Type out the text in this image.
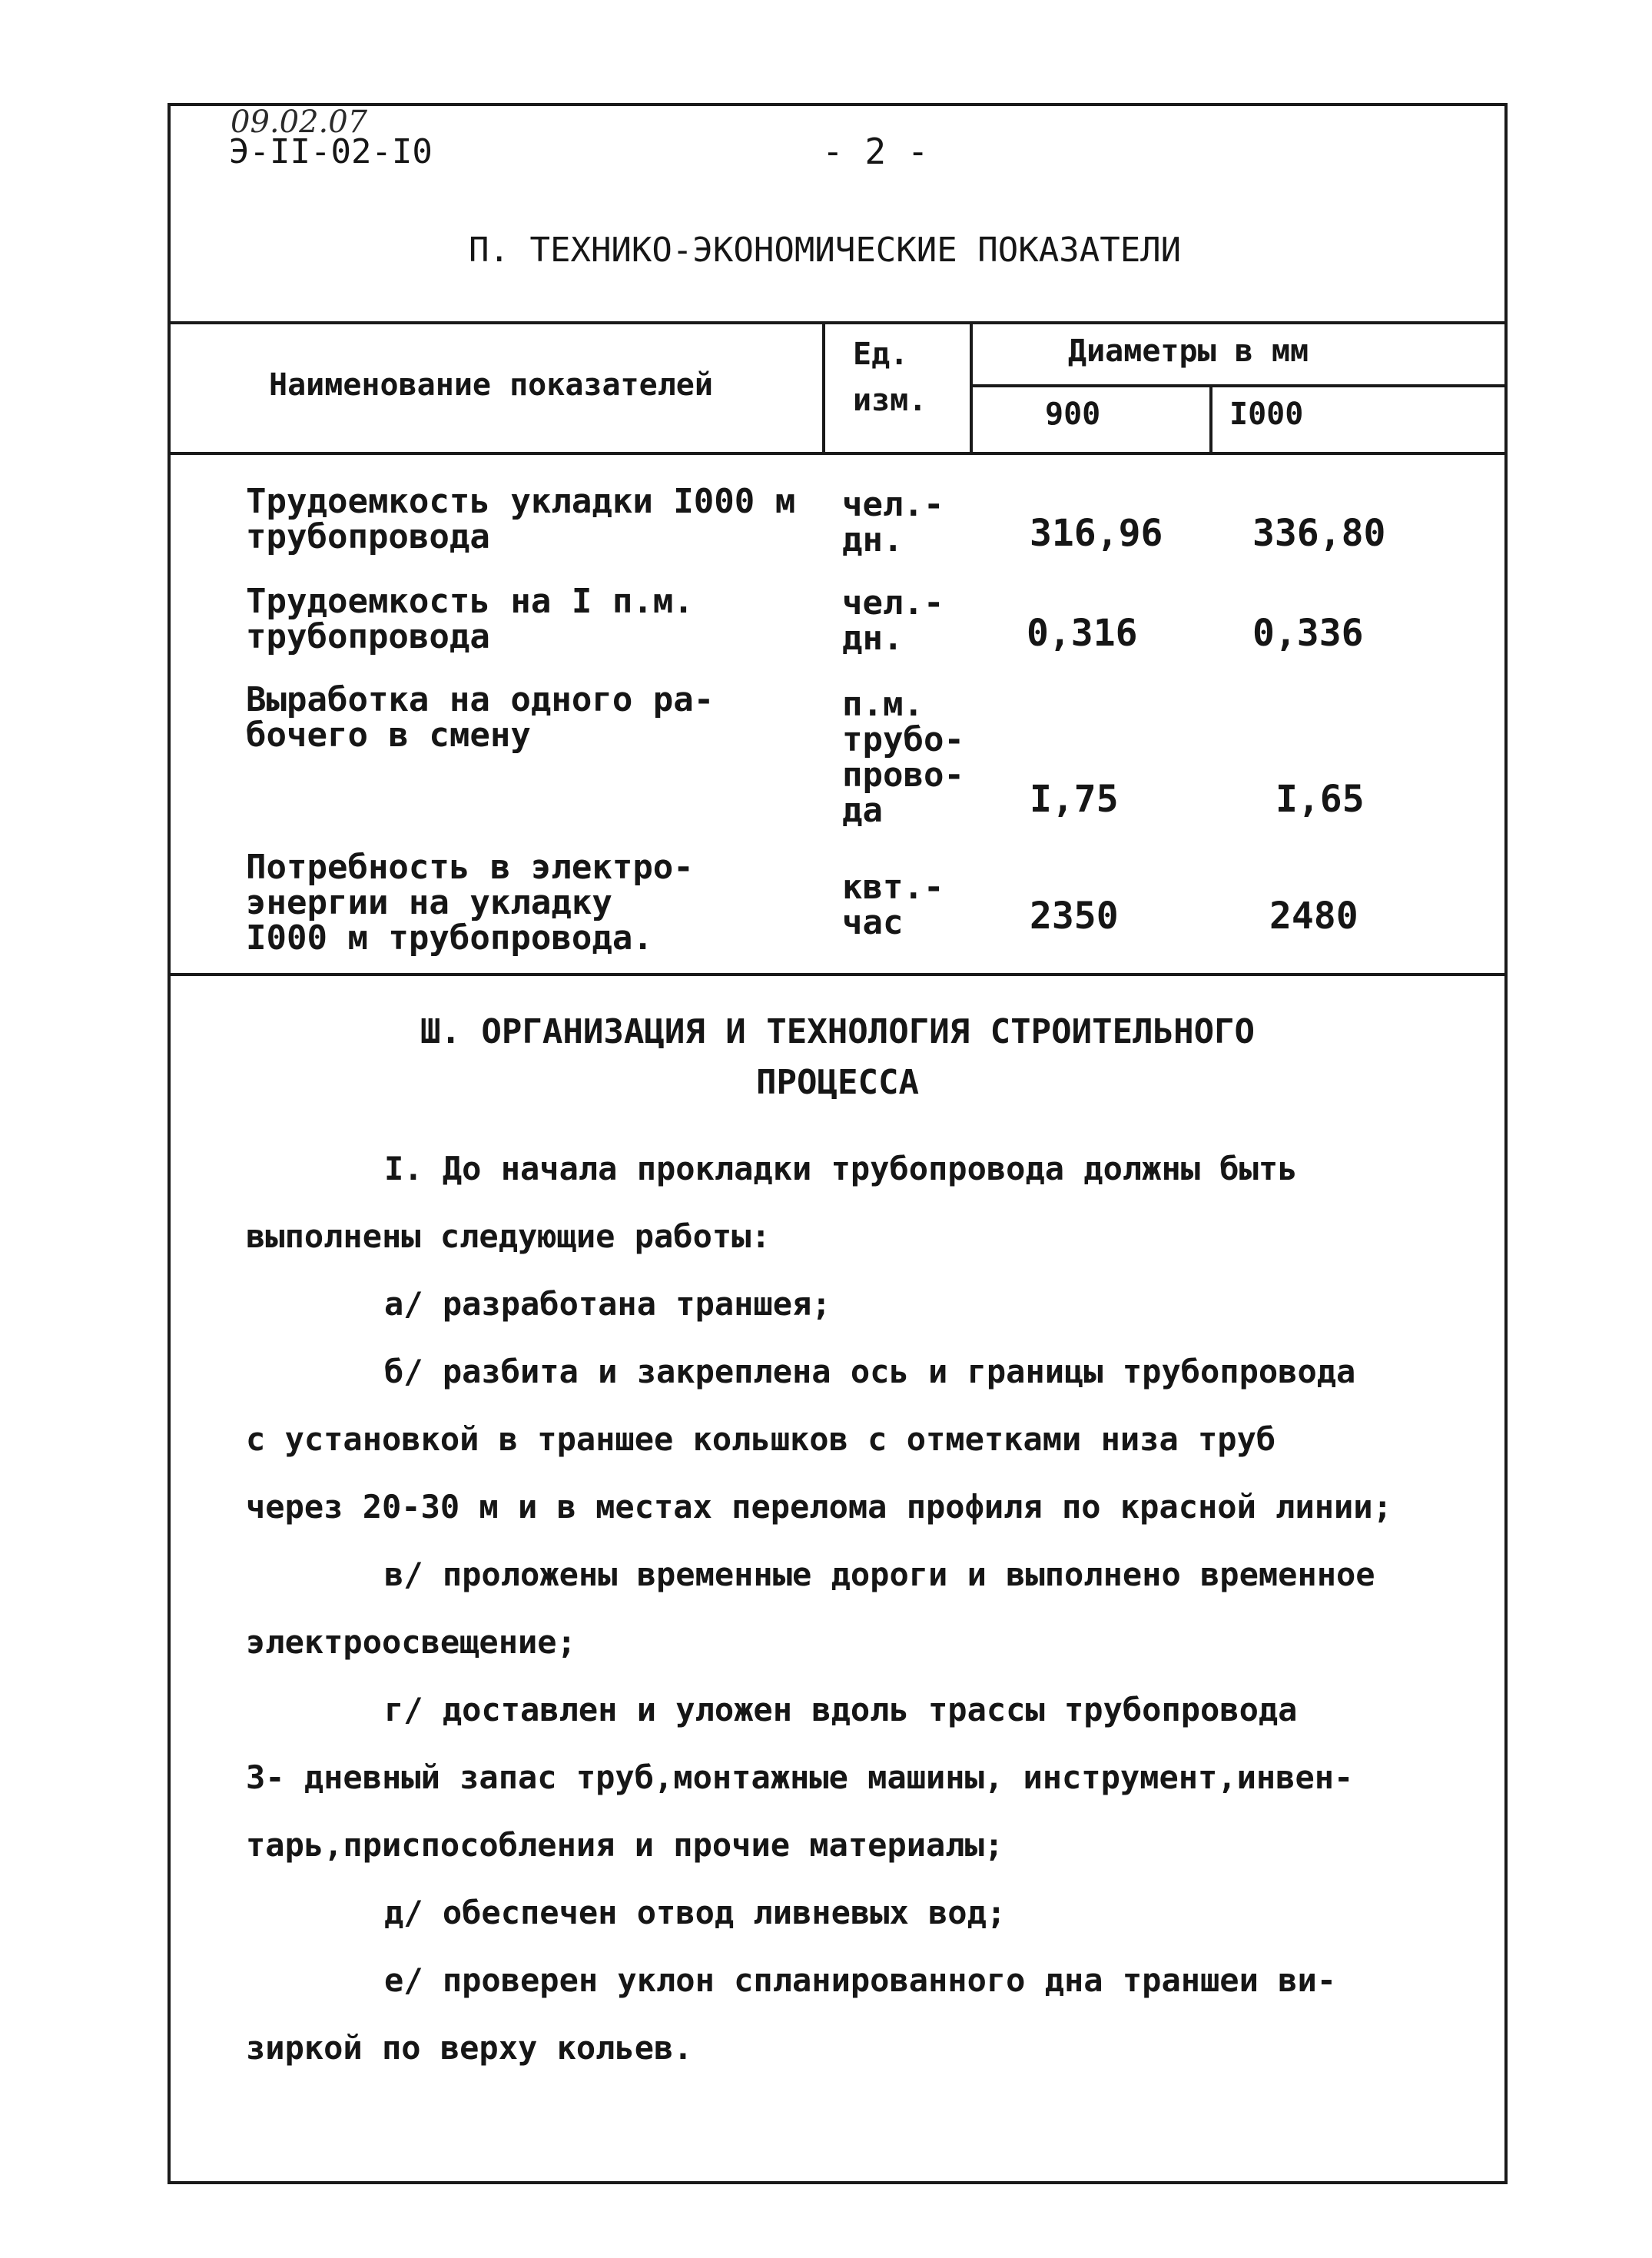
09.02.07
Э-II-02-I0	- 2 -
П. ТЕХНИКО-ЭКОНОМИЧЕСКИЕ ПОКАЗАТЕЛИ
Наименование показателей
Ед.
изм.
Диаметры в мм
900	I000
Трудоемкость укладки I000 м
трубопровода
чел.-
дн.	316,96 336,80
Трудоемкость на I п.м.
трубопровода
чел.-
дн.	0,316	0,336
Выработка на одного ра-
бочего в смену
п.м.
трубо-
прово-
да	I,75	I,65
Потребность в электро-
энергии на укладку
I000 м трубопровода.
квт.-
час	2350	2480
Ш. ОРГАНИЗАЦИЯ И ТЕХНОЛОГИЯ СТРОИТЕЛЬНОГО
ПРОЦЕССА
I. До начала прокладки трубопровода должны быть
выполнены следующие работы:
а/ разработана траншея;
б/ разбита и закреплена ось и границы трубопровода
с установкой в траншее кольшков с отметками низа труб
через 20-30 м и в местах перелома профиля по красной линии;
в/ проложены временные дороги и выполнено временное
электроосвещение;
г/ доставлен и уложен вдоль трассы трубопровода
3- дневный запас труб,монтажные машины, инструмент,инвен-
тарь,приспособления и прочие материалы;
д/ обеспечен отвод ливневых вод;
е/ проверен уклон спланированного дна траншеи ви-
зиркой по верху кольев.
